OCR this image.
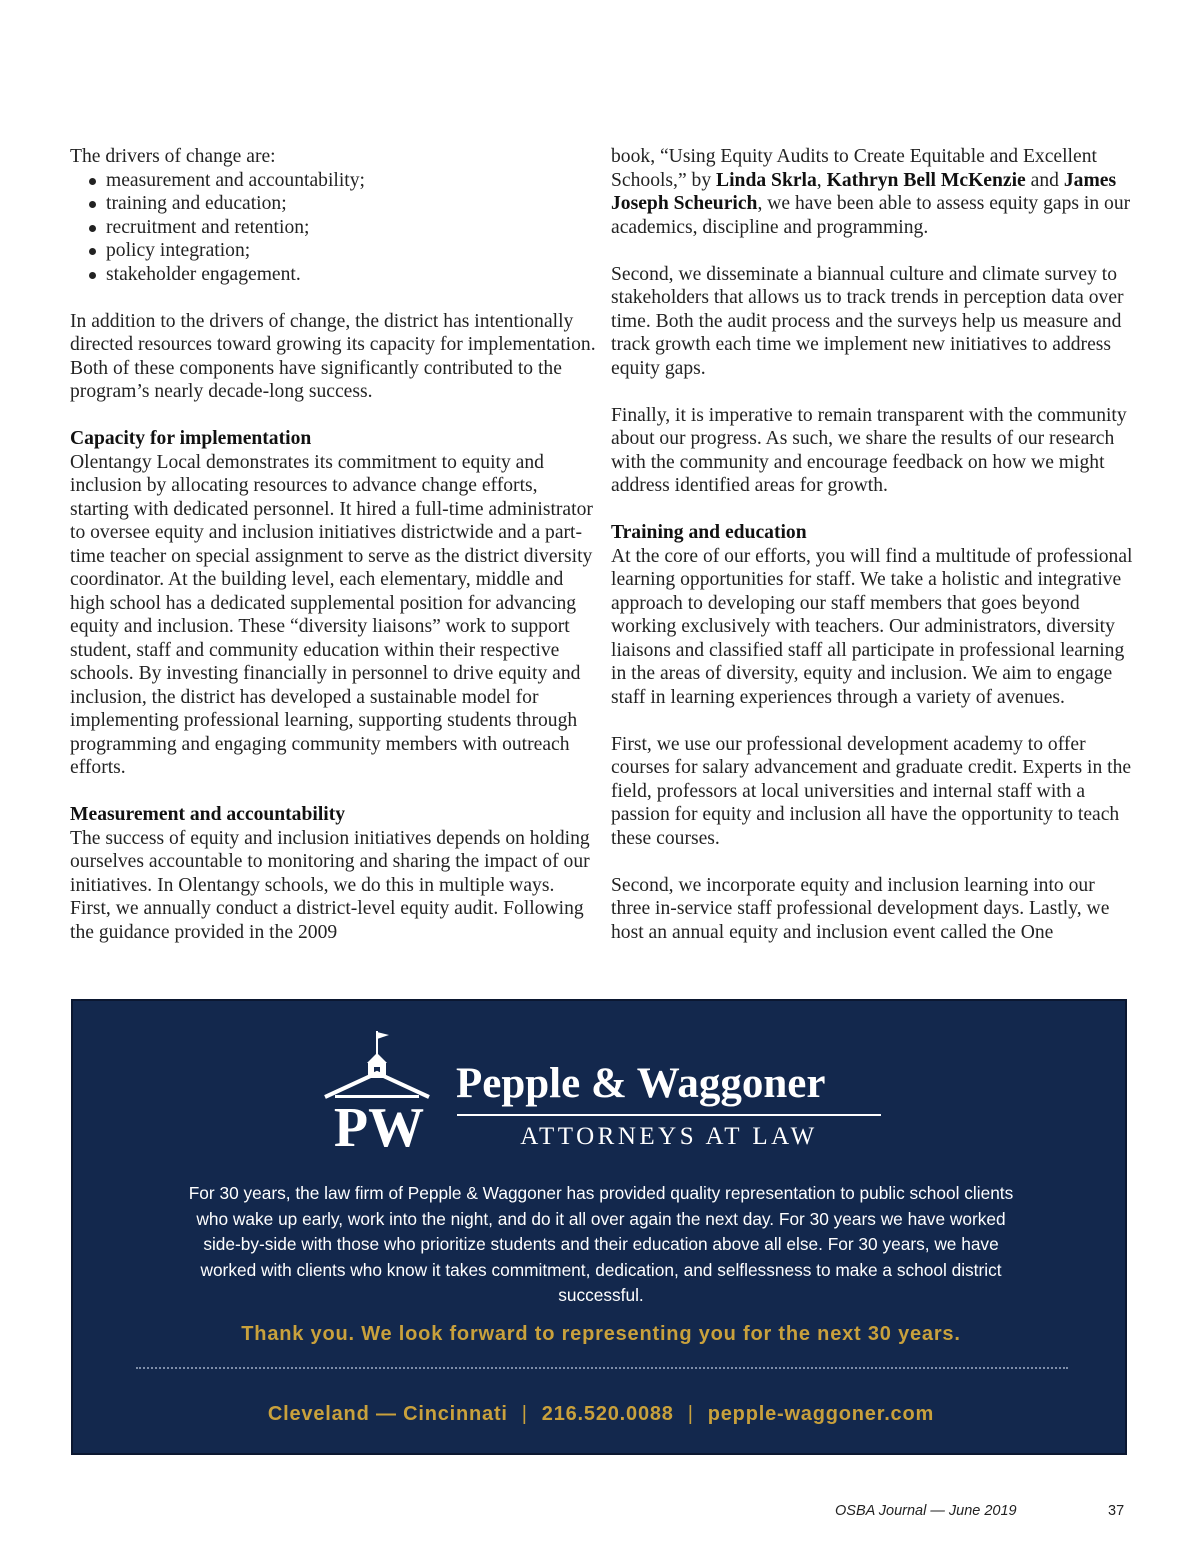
The drivers of change are:

measurement and accountability;
training and education;
recruitment and retention;
policy integration;
stakeholder engagement.

In addition to the drivers of change, the district has intentionally directed resources toward growing its capacity for implementation. Both of these components have significantly contributed to the program’s nearly decade-long success.

Capacity for implementation

Olentangy Local demonstrates its commitment to equity and inclusion by allocating resources to advance change efforts, starting with dedicated personnel. It hired a full-time administrator to oversee equity and inclusion initiatives districtwide and a part-time teacher on special assignment to serve as the district diversity coordinator. At the building level, each elementary, middle and high school has a dedicated supplemental position for advancing equity and inclusion. These “diversity liaisons” work to support student, staff and community education within their respective schools. By investing financially in personnel to drive equity and inclusion, the district has developed a sustainable model for implementing professional learning, supporting students through programming and engaging community members with outreach efforts.

Measurement and accountability

The success of equity and inclusion initiatives depends on holding ourselves accountable to monitoring and sharing the impact of our initiatives. In Olentangy schools, we do this in multiple ways. First, we annually conduct a district-level equity audit. Following the guidance provided in the 2009

book, “Using Equity Audits to Create Equitable and Excellent Schools,” by Linda Skrla, Kathryn Bell McKenzie and James Joseph Scheurich, we have been able to assess equity gaps in our academics, discipline and programming.

Second, we disseminate a biannual culture and climate survey to stakeholders that allows us to track trends in perception data over time. Both the audit process and the surveys help us measure and track growth each time we implement new initiatives to address equity gaps.

Finally, it is imperative to remain transparent with the community about our progress. As such, we share the results of our research with the community and encourage feedback on how we might address identified areas for growth.

Training and education

At the core of our efforts, you will find a multitude of professional learning opportunities for staff. We take a holistic and integrative approach to developing our staff members that goes beyond working exclusively with teachers. Our administrators, diversity liaisons and classified staff all participate in professional learning in the areas of diversity, equity and inclusion. We aim to engage staff in learning experiences through a variety of avenues.

First, we use our professional development academy to offer courses for salary advancement and graduate credit. Experts in the field, professors at local universities and internal staff with a passion for equity and inclusion all have the opportunity to teach these courses.

Second, we incorporate equity and inclusion learning into our three in-service staff professional development days. Lastly, we host an annual equity and inclusion event called the One

PW
Pepple & Waggoner
ATTORNEYS AT LAW
For 30 years, the law firm of Pepple & Waggoner has provided quality representation to public school clients who wake up early, work into the night, and do it all over again the next day. For 30 years we have worked side-by-side with those who prioritize students and their education above all else. For 30 years, we have worked with clients who know it takes commitment, dedication, and selflessness to make a school district successful.
Thank you. We look forward to representing you for the next 30 years.
Cleveland — Cincinnati | 216.520.0088 | pepple-waggoner.com
OSBA Journal — June 2019	37
